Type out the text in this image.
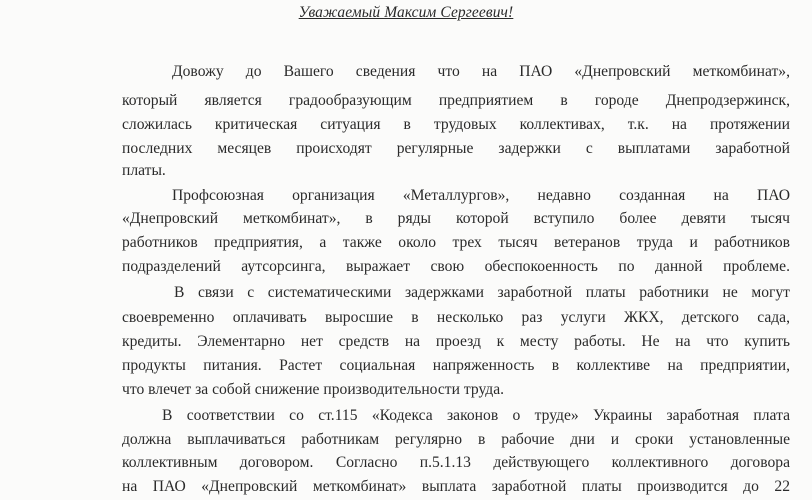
Уважаемый Максим Сергеевич!
Довожу до Вашего сведения что на ПАО «Днепровский меткомбинат»,
который является градообразующим предприятием в городе Днепродзержинск,
сложилась критическая ситуация в трудовых коллективах, т.к. на протяжении
последних месяцев происходят регулярные задержки с выплатами заработной
платы.
Профсоюзная организация «Металлургов», недавно созданная на ПАО
«Днепровский меткомбинат», в ряды которой вступило более девяти тысяч
работников предприятия, а также около трех тысяч ветеранов труда и работников
подразделений аутсорсинга, выражает свою обеспокоенность по данной проблеме.
В связи с систематическими задержками заработной платы работники не могут
своевременно оплачивать выросшие в несколько раз услуги ЖКХ, детского сада,
кредиты. Элементарно нет средств на проезд к месту работы. Не на что купить
продукты питания. Растет социальная напряженность в коллективе на предприятии,
что влечет за собой снижение производительности труда.
В соответствии со ст.115 «Кодекса законов о труде» Украины заработная плата
должна выплачиваться работникам регулярно в рабочие дни и сроки установленные
коллективным договором. Согласно п.5.1.13 действующего коллективного договора
на ПАО «Днепровский меткомбинат» выплата заработной платы производится до 22
